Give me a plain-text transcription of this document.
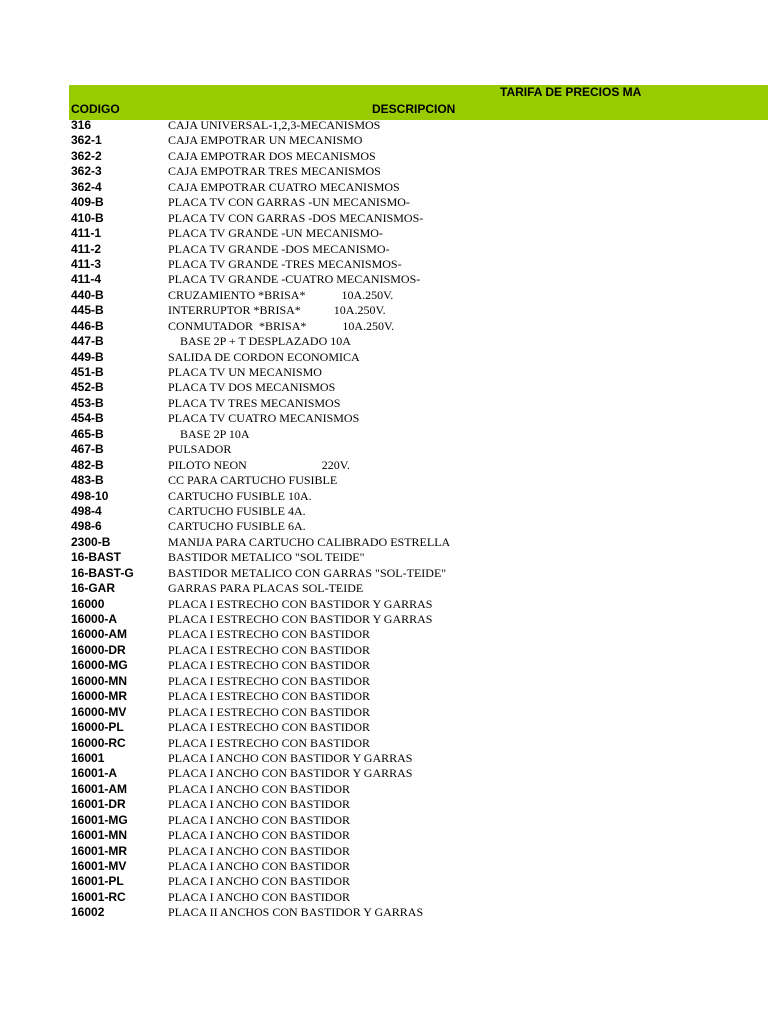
TARIFA DE PRECIOS MA
CODIGO	DESCRIPCION
316	CAJA UNIVERSAL-1,2,3-MECANISMOS
362-1	CAJA EMPOTRAR UN MECANISMO
362-2	CAJA EMPOTRAR DOS MECANISMOS
362-3	CAJA EMPOTRAR TRES MECANISMOS
362-4	CAJA EMPOTRAR CUATRO MECANISMOS
409-B	PLACA TV CON GARRAS -UN MECANISMO-
410-B	PLACA TV CON GARRAS -DOS MECANISMOS-
411-1	PLACA TV GRANDE -UN MECANISMO-
411-2	PLACA TV GRANDE -DOS MECANISMO-
411-3	PLACA TV GRANDE -TRES MECANISMOS-
411-4	PLACA TV GRANDE -CUATRO MECANISMOS-
440-B	CRUZAMIENTO *BRISA*            10A.250V.
445-B	INTERRUPTOR *BRISA*           10A.250V.
446-B	CONMUTADOR  *BRISA*            10A.250V.
447-B	BASE 2P + T DESPLAZADO 10A
449-B	SALIDA DE CORDON ECONOMICA
451-B	PLACA TV UN MECANISMO
452-B	PLACA TV DOS MECANISMOS
453-B	PLACA TV TRES MECANISMOS
454-B	PLACA TV CUATRO MECANISMOS
465-B	BASE 2P 10A
467-B	PULSADOR
482-B	PILOTO NEON                         220V.
483-B	CC PARA CARTUCHO FUSIBLE
498-10	CARTUCHO FUSIBLE 10A.
498-4	CARTUCHO FUSIBLE 4A.
498-6	CARTUCHO FUSIBLE 6A.
2300-B	MANIJA PARA CARTUCHO CALIBRADO ESTRELLA
16-BAST	BASTIDOR METALICO "SOL TEIDE"
16-BAST-G	BASTIDOR METALICO CON GARRAS "SOL-TEIDE"
16-GAR	GARRAS PARA PLACAS SOL-TEIDE
16000	PLACA I ESTRECHO CON BASTIDOR Y GARRAS
16000-A	PLACA I ESTRECHO CON BASTIDOR Y GARRAS
16000-AM	PLACA I ESTRECHO CON BASTIDOR
16000-DR	PLACA I ESTRECHO CON BASTIDOR
16000-MG	PLACA I ESTRECHO CON BASTIDOR
16000-MN	PLACA I ESTRECHO CON BASTIDOR
16000-MR	PLACA I ESTRECHO CON BASTIDOR
16000-MV	PLACA I ESTRECHO CON BASTIDOR
16000-PL	PLACA I ESTRECHO CON BASTIDOR
16000-RC	PLACA I ESTRECHO CON BASTIDOR
16001	PLACA I ANCHO CON BASTIDOR Y GARRAS
16001-A	PLACA I ANCHO CON BASTIDOR Y GARRAS
16001-AM	PLACA I ANCHO CON BASTIDOR
16001-DR	PLACA I ANCHO CON BASTIDOR
16001-MG	PLACA I ANCHO CON BASTIDOR
16001-MN	PLACA I ANCHO CON BASTIDOR
16001-MR	PLACA I ANCHO CON BASTIDOR
16001-MV	PLACA I ANCHO CON BASTIDOR
16001-PL	PLACA I ANCHO CON BASTIDOR
16001-RC	PLACA I ANCHO CON BASTIDOR
16002	PLACA II ANCHOS CON BASTIDOR Y GARRAS
